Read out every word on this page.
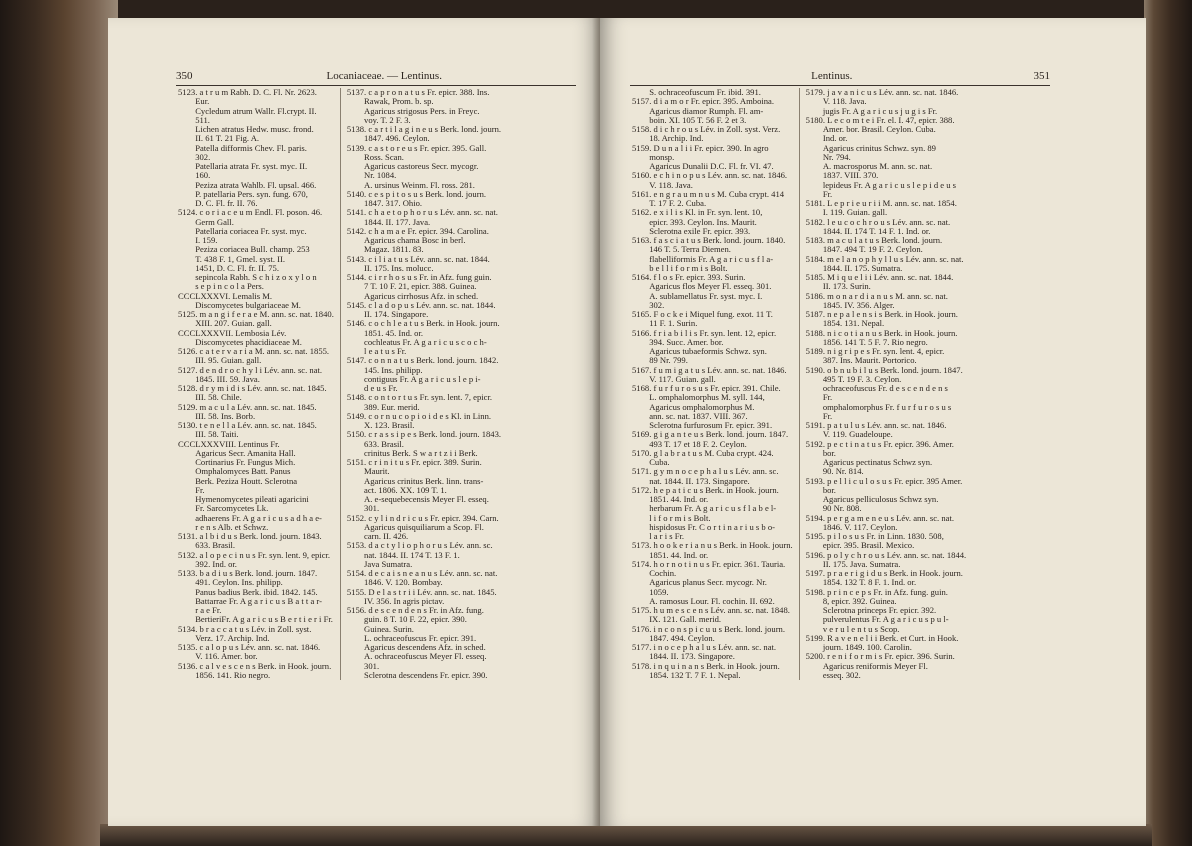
350	Locaniaceae. — Lentinus.

5123. a t r u m Rabh. D. C. Fl. Nr. 2623.

  Eur.

  Cycledum atrum Wallr. Fl.crypt. II.

  511.

  Lichen atratus Hedw. musc. frond.

  II. 61 T. 21 Fig. A.

  Patella difformis Chev. Fl. paris.

  302.

  Patellaria atrata Fr. syst. myc. II.

  160.

  Peziza atrata Wahlb. Fl. upsal. 466.

  P. patellaria Pers. syn. fung. 670,

  D. C. Fl. fr. II. 76.

5124. c o r i a c e u m Endl. Fl. poson. 46.

  Germ Gall.

  Patellaria coriacea Fr. syst. myc.

  I. 159.

  Peziza coriacea Bull. champ. 253

  T. 438 F. 1, Gmel. syst. II.

  1451, D. C. Fl. fr. II. 75.

  sepincola Rabh. S c h i z o x y l o n

  s e p i n c o l a Pers.

CCCLXXXVI. Lemalis M.

  Discomycetes bulgariaceae M.

5125. m a n g i f e r a e M. ann. sc. nat. 1840.

  XIII. 207. Guian. gall.

CCCLXXXVII. Lembosia Lév.

  Discomycetes phacidiaceae M.

5126. c a t e r v a r i a M. ann. sc. nat. 1855.

  III. 95. Guian. gall.

5127. d e n d r o c h y l i Lév. ann. sc. nat.

  1845. III. 59. Java.

5128. d r y m i d i s Lév. ann. sc. nat. 1845.

  III. 58. Chile.

5129. m a c u l a Lév. ann. sc. nat. 1845.

  III. 58. Ins. Borb.

5130. t e n e l l a Lév. ann. sc. nat. 1845.

  III. 58. Taiti.

CCCLXXXVIII. Lentinus Fr.

  Agaricus Secr. Amanita Hall.

  Cortinarius Fr. Fungus Mich.

  Omphalomyces Batt. Panus

  Berk. Peziza Houtt. Sclerotna

  Fr.

  Hymenomycetes pileati agaricini

  Fr. Sarcomycetes Lk.

  adhaerens Fr. A g a r i c u s a d h a e-

  r e n s Alb. et Schwz.

5131. a l b i d u s Berk. lond. journ. 1843.

  633. Brasil.

5132. a l o p e c i n u s Fr. syn. lent. 9, epicr.

  392. Ind. or.

5133. b a d i u s Berk. lond. journ. 1847.

  491. Ceylon. Ins. philipp.

  Panus badius Berk. ibid. 1842. 145.

  Battarrae Fr. A g a r i c u s B a t t a r-

  r a e Fr.

  BertieriFr. A g a r i c u s B e r t i e r i Fr.

5134. b r a c c a t u s Lév. in Zoll. syst.

  Verz. 17. Archip. Ind.

5135. c a l o p u s Lév. ann. sc. nat. 1846.

  V. 116. Amer. bor.

5136. c a l v e s c e n s Berk. in Hook. journ.

  1856. 141. Rio negro.

5137. c a p r o n a t u s Fr. epicr. 388. Ins.

  Rawak, Prom. b. sp.

  Agaricus strigosus Pers. in Freyc.

  voy. T. 2 F. 3.

5138. c a r t i l a g i n e u s Berk. lond. journ.

  1847. 496. Ceylon.

5139. c a s t o r e u s Fr. epicr. 395. Gall.

  Ross. Scan.

  Agaricus castoreus Secr. mycogr.

  Nr. 1084.

  A. ursinus Weinm. Fl. ross. 281.

5140. c e s p i t o s u s Berk. lond. journ.

  1847. 317. Ohio.

5141. c h a e t o p h o r u s Lév. ann. sc. nat.

  1844. II. 177. Java.

5142. c h a m a e Fr. epicr. 394. Carolina.

  Agaricus chama Bosc in berl.

  Magaz. 1811. 83.

5143. c i l i a t u s Lév. ann. sc. nat. 1844.

  II. 175. Ins. molucc.

5144. c i r r h o s u s Fr. in Afz. fung guin.

  7 T. 10 F. 21, epicr. 388. Guinea.

  Agaricus cirrhosus Afz. in sched.

5145. c l a d o p u s Lév. ann. sc. nat. 1844.

  II. 174. Singapore.

5146. c o c h l e a t u s Berk. in Hook. journ.

  1851. 45. Ind. or.

  cochleatus Fr. A g a r i c u s c o c h-

  l e a t u s Fr.

5147. c o n n a t u s Berk. lond. journ. 1842.

  145. Ins. philipp.

  contiguus Fr. A g a r i c u s l e p i-

  d e u s Fr.

5148. c o n t o r t u s Fr. syn. lent. 7, epicr.

  389. Eur. merid.

5149. c o r n u c o p i o i d e s Kl. in Linn.

  X. 123. Brasil.

5150. c r a s s i p e s Berk. lond. journ. 1843.

  633. Brasil.

  crinitus Berk. S w a r t z i i Berk.

5151. c r i n i t u s Fr. epicr. 389. Surin.

  Maurit.

  Agaricus crinitus Berk. linn. trans-

  act. 1806. XX. 109 T. 1.

  A. e-sequebecensis Meyer Fl. esseq.

  301.

5152. c y l i n d r i c u s Fr. epicr. 394. Carn.

  Agaricus quisquiliarum a Scop. Fl.

  carn. II. 426.

5153. d a c t y l i o p h o r u s Lév. ann. sc.

  nat. 1844. II. 174 T. 13 F. 1.

  Java Sumatra.

5154. d e c a i s n e a n u s Lév. ann. sc. nat.

  1846. V. 120. Bombay.

5155. D e l a s t r i i Lév. ann. sc. nat. 1845.

  IV. 356. In agris pictav.

5156. d e s c e n d e n s Fr. in Afz. fung.

  guin. 8 T. 10 F. 22, epicr. 390.

  Guinea. Surin.

  L. ochraceofuscus Fr. epicr. 391.

  Agaricus descendens Afz. in sched.

  A. ochraceofuscus Meyer Fl. esseq.

  301.

  Sclerotna descendens Fr. epicr. 390.

Lentinus.	351

  S. ochraceofuscum Fr. ibid. 391.

5157. d i a m o r Fr. epicr. 395. Amboina.

  Agaricus diamor Rumph. Fl. am-

  boin. XI. 105 T. 56 F. 2 et 3.

5158. d i c h r o u s Lév. in Zoll. syst. Verz.

  18. Archip. Ind.

5159. D u n a l i i Fr. epicr. 390. In agro

  monsp.

  Agaricus Dunalii D.C. Fl. fr. VI. 47.

5160. e c h i n o p u s Lév. ann. sc. nat. 1846.

  V. 118. Java.

5161. e n g r a u m n u s M. Cuba crypt. 414

  T. 17 F. 2. Cuba.

5162. e x i l i s Kl. in Fr. syn. lent. 10,

  epicr. 393. Ceylon. Ins. Maurit.

  Sclerotna exile Fr. epicr. 393.

5163. f a s c i a t u s Berk. lond. journ. 1840.

  146 T. 5. Terra Diemen.

  flabelliformis Fr. A g a r i c u s f l a-

  b e l l i f o r m i s Bolt.

5164. f l o s Fr. epicr. 393. Surin.

  Agaricus flos Meyer Fl. esseq. 301.

  A. sublamellatus Fr. syst. myc. I.

  302.

5165. F o c k e i Miquel fung. exot. 11 T.

  11 F. 1. Surin.

5166. f r i a b i l i s Fr. syn. lent. 12, epicr.

  394. Succ. Amer. bor.

  Agaricus tubaeformis Schwz. syn.

  89 Nr. 799.

5167. f u m i g a t u s Lév. ann. sc. nat. 1846.

  V. 117. Guian. gall.

5168. f u r f u r o s u s Fr. epicr. 391. Chile.

  L. omphalomorphus M. syll. 144,

  Agaricus omphalomorphus M.

  ann. sc. nat. 1837. VIII. 367.

  Sclerotna furfurosum Fr. epicr. 391.

5169. g i g a n t e u s Berk. lond. journ. 1847.

  493 T. 17 et 18 F. 2. Ceylon.

5170. g l a b r a t u s M. Cuba crypt. 424.

  Cuba.

5171. g y m n o c e p h a l u s Lév. ann. sc.

  nat. 1844. II. 173. Singapore.

5172. h e p a t i c u s Berk. in Hook. journ.

  1851. 44. Ind. or.

  herbarum Fr. A g a r i c u s f l a b e l-

  l i f o r m i s Bolt.

  hispidosus Fr. C o r t i n a r i u s b o-

  l a r i s Fr.

5173. h o o k e r i a n u s Berk. in Hook. journ.

  1851. 44. Ind. or.

5174. h o r n o t i n u s Fr. epicr. 361. Tauria.

  Cochin.

  Agaricus planus Secr. mycogr. Nr.

  1059.

  A. ramosus Lour. Fl. cochin. II. 692.

5175. h u m e s c e n s Lév. ann. sc. nat. 1848.

  IX. 121. Gall. merid.

5176. i n c o n s p i c u u s Berk. lond. journ.

  1847. 494. Ceylon.

5177. i n o c e p h a l u s Lév. ann. sc. nat.

  1844. II. 173. Singapore.

5178. i n q u i n a n s Berk. in Hook. journ.

  1854. 132 T. 7 F. 1. Nepal.

5179. j a v a n i c u s Lév. ann. sc. nat. 1846.

  V. 118. Java.

  jugis Fr. A g a r i c u s j u g i s Fr.

5180. L e c o m t e i Fr. el. I. 47, epicr. 388.

  Amer. bor. Brasil. Ceylon. Cuba.

  Ind. or.

  Agaricus crinitus Schwz. syn. 89

  Nr. 794.

  A. macrosporus M. ann. sc. nat.

  1837. VIII. 370.

  lepideus Fr. A g a r i c u s l e p i d e u s

  Fr.

5181. L e p r i e u r i i M. ann. sc. nat. 1854.

  I. 119. Guian. gall.

5182. l e u c o c h r o u s Lév. ann. sc. nat.

  1844. II. 174 T. 14 F. 1. Ind. or.

5183. m a c u l a t u s Berk. lond. journ.

  1847. 494 T. 19 F. 2. Ceylon.

5184. m e l a n o p h y l l u s Lév. ann. sc. nat.

  1844. II. 175. Sumatra.

5185. M i q u e l i i Lév. ann. sc. nat. 1844.

  II. 173. Surin.

5186. m o n a r d i a n u s M. ann. sc. nat.

  1845. IV. 356. Alger.

5187. n e p a l e n s i s Berk. in Hook. journ.

  1854. 131. Nepal.

5188. n i c o t i a n u s Berk. in Hook. journ.

  1856. 141 T. 5 F. 7. Rio negro.

5189. n i g r i p e s Fr. syn. lent. 4, epicr.

  387. Ins. Maurit. Portorico.

5190. o b n u b i l u s Berk. lond. journ. 1847.

  495 T. 19 F. 3. Ceylon.

  ochraceofuscus Fr. d e s c e n d e n s

  Fr.

  omphalomorphus Fr. f u r f u r o s u s

  Fr.

5191. p a t u l u s Lév. ann. sc. nat. 1846.

  V. 119. Guadeloupe.

5192. p e c t i n a t u s Fr. epicr. 396. Amer.

  bor.

  Agaricus pectinatus Schwz syn.

  90. Nr. 814.

5193. p e l l i c u l o s u s Fr. epicr. 395 Amer.

  bor.

  Agaricus pelliculosus Schwz syn.

  90 Nr. 808.

5194. p e r g a m e n e u s Lév. ann. sc. nat.

  1846. V. 117. Ceylon.

5195. p i l o s u s Fr. in Linn. 1830. 508,

  epicr. 395. Brasil. Mexico.

5196. p o l y c h r o u s Lév. ann. sc. nat. 1844.

  II. 175. Java. Sumatra.

5197. p r a e r i g i d u s Berk. in Hook. journ.

  1854. 132 T. 8 F. 1. Ind. or.

5198. p r i n c e p s Fr. in Afz. fung. guin.

  8, epicr. 392. Guinea.

  Sclerotna princeps Fr. epicr. 392.

  pulverulentus Fr. A g a r i c u s p u l-

  v e r u l e n t u s Scop.

5199. R a v e n e l i i Berk. et Curt. in Hook.

  journ. 1849. 100. Carolin.

5200. r e n i f o r m i s Fr. epicr. 396. Surin.

  Agaricus reniformis Meyer Fl.

  esseq. 302.
